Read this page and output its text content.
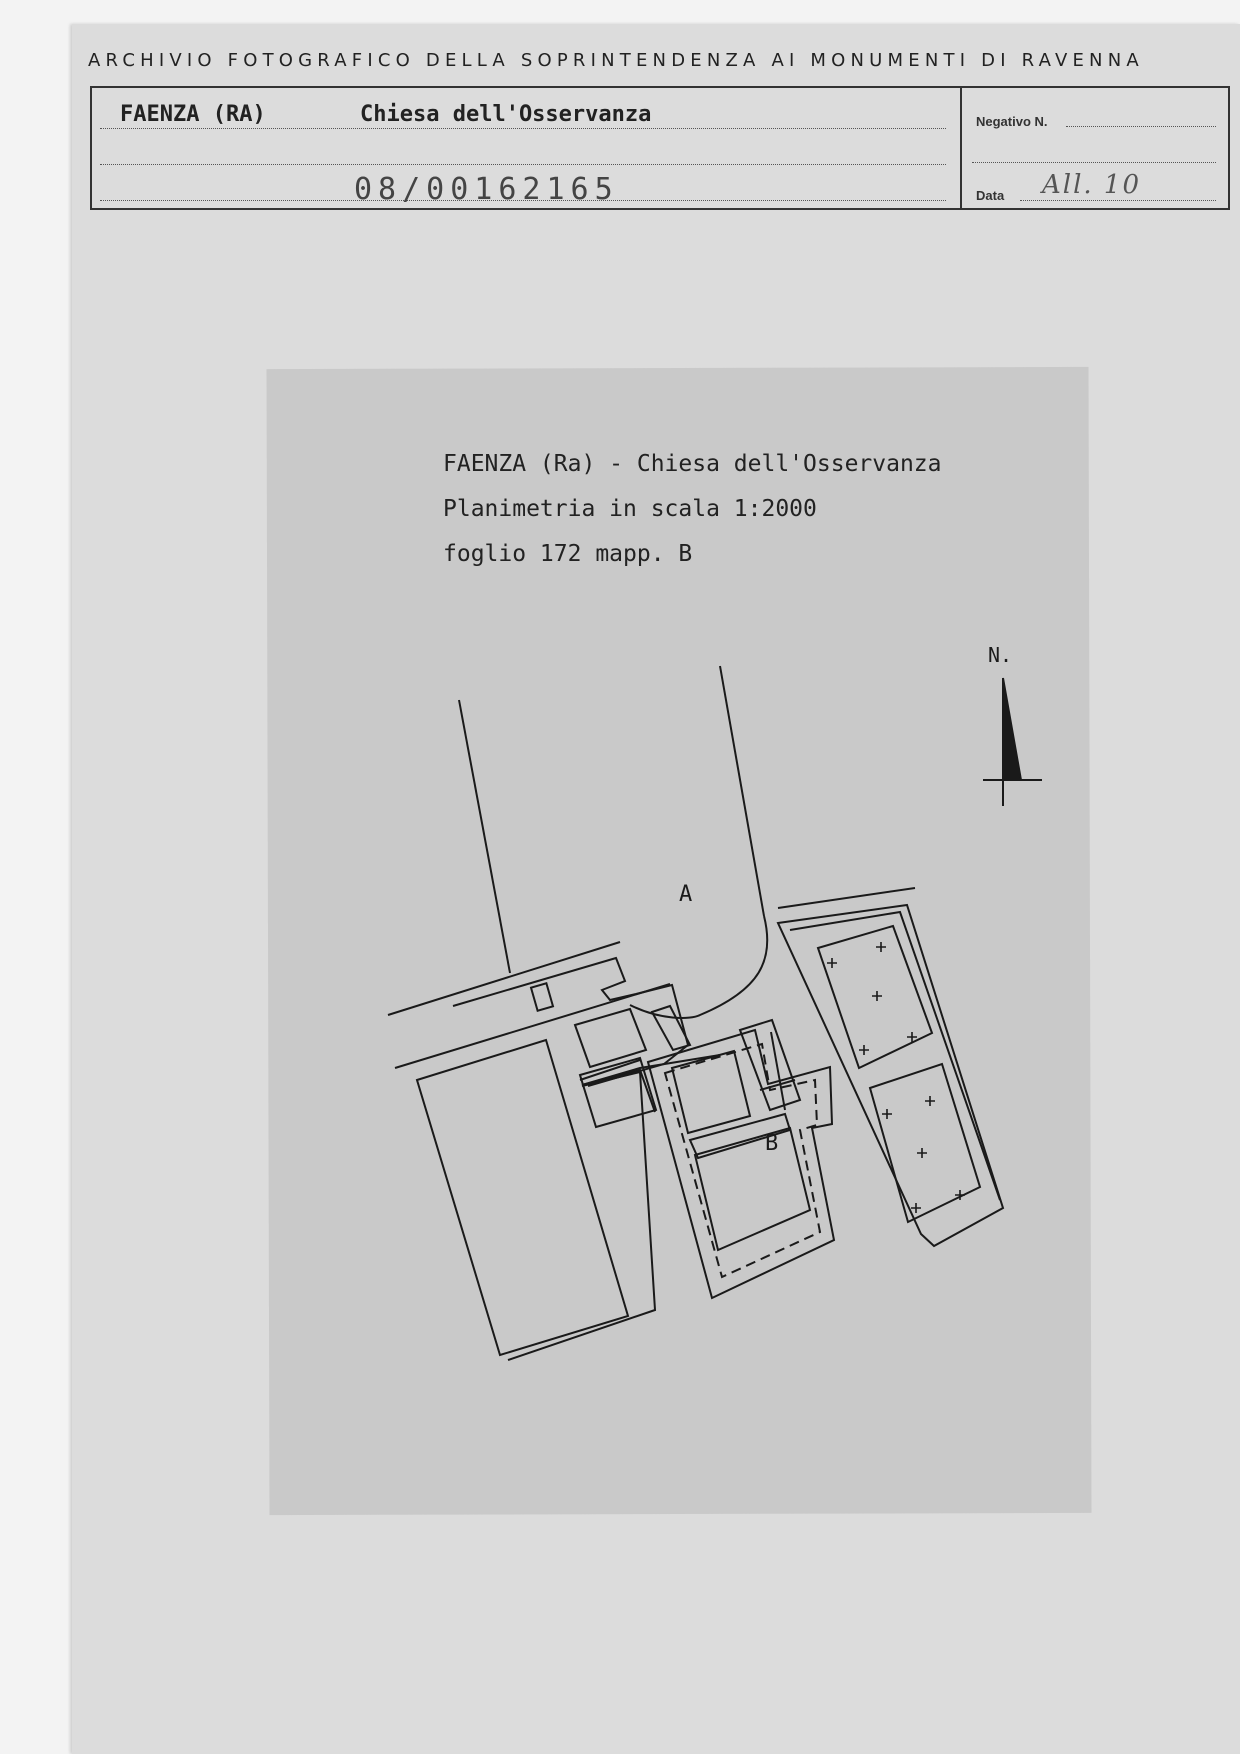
ARCHIVIO FOTOGRAFICO DELLA SOPRINTENDENZA AI MONUMENTI DI RAVENNA
FAENZA (RA)	Chiesa dell'Osservanza
08/00162165
Negativo N.
Data All. 10
FAENZA (Ra) - Chiesa dell'Osservanza
Planimetria in scala 1:2000
foglio 172 mapp. B
N.
A
B
